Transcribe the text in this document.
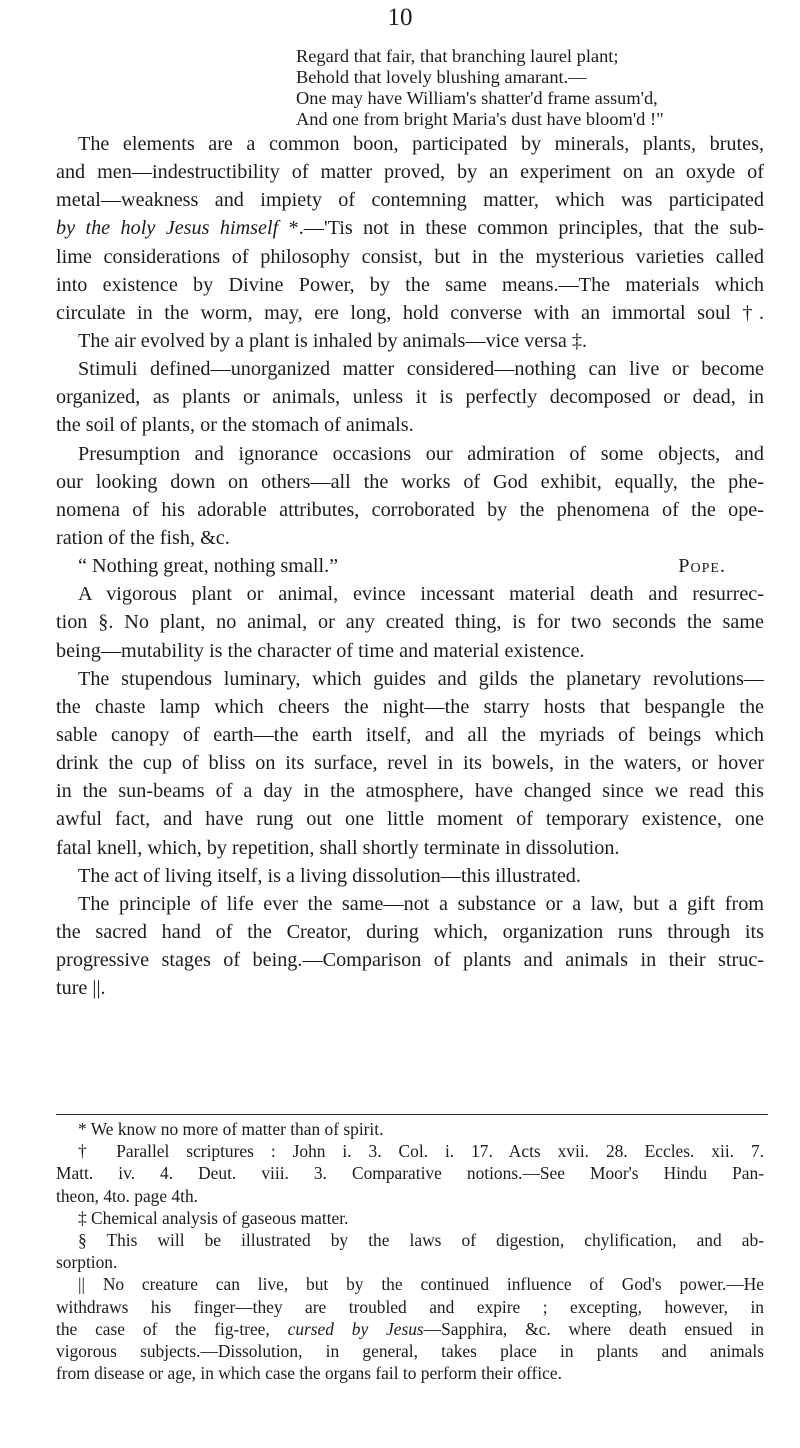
10
Regard that fair, that branching laurel plant;
Behold that lovely blushing amarant.—
One may have William's shatter'd frame assum'd,
And one from bright Maria's dust have bloom'd !"
The elements are a common boon, participated by minerals, plants, brutes,
and men—indestructibility of matter proved, by an experiment on an oxyde of
metal—weakness and impiety of contemning matter, which was participated
by the holy Jesus himself *.—'Tis not in these common principles, that the sub-
lime considerations of philosophy consist, but in the mysterious varieties called
into existence by Divine Power, by the same means.—The materials which
circulate in the worm, may, ere long, hold converse with an immortal soul †.
The air evolved by a plant is inhaled by animals—vice versa ‡.
Stimuli defined—unorganized matter considered—nothing can live or become
organized, as plants or animals, unless it is perfectly decomposed or dead, in
the soil of plants, or the stomach of animals.
Presumption and ignorance occasions our admiration of some objects, and
our looking down on others—all the works of God exhibit, equally, the phe-
nomena of his adorable attributes, corroborated by the phenomena of the ope-
ration of the fish, &c.
“ Nothing great, nothing small.”	Pope.
A vigorous plant or animal, evince incessant material death and resurrec-
tion §. No plant, no animal, or any created thing, is for two seconds the same
being—mutability is the character of time and material existence.
The stupendous luminary, which guides and gilds the planetary revolutions—
the chaste lamp which cheers the night—the starry hosts that bespangle the
sable canopy of earth—the earth itself, and all the myriads of beings which
drink the cup of bliss on its surface, revel in its bowels, in the waters, or hover
in the sun-beams of a day in the atmosphere, have changed since we read this
awful fact, and have rung out one little moment of temporary existence, one
fatal knell, which, by repetition, shall shortly terminate in dissolution.
The act of living itself, is a living dissolution—this illustrated.
The principle of life ever the same—not a substance or a law, but a gift from
the sacred hand of the Creator, during which, organization runs through its
progressive stages of being.—Comparison of plants and animals in their struc-
ture ||.
* We know no more of matter than of spirit.
† Parallel scriptures : John i. 3. Col. i. 17. Acts xvii. 28. Eccles. xii. 7.
Matt. iv. 4. Deut. viii. 3. Comparative notions.—See Moor's Hindu Pan-
theon, 4to. page 4th.
‡ Chemical analysis of gaseous matter.
§ This will be illustrated by the laws of digestion, chylification, and ab-
sorption.
|| No creature can live, but by the continued influence of God's power.—He
withdraws his finger—they are troubled and expire ; excepting, however, in
the case of the fig-tree, cursed by Jesus—Sapphira, &c. where death ensued in
vigorous subjects.—Dissolution, in general, takes place in plants and animals
from disease or age, in which case the organs fail to perform their office.
